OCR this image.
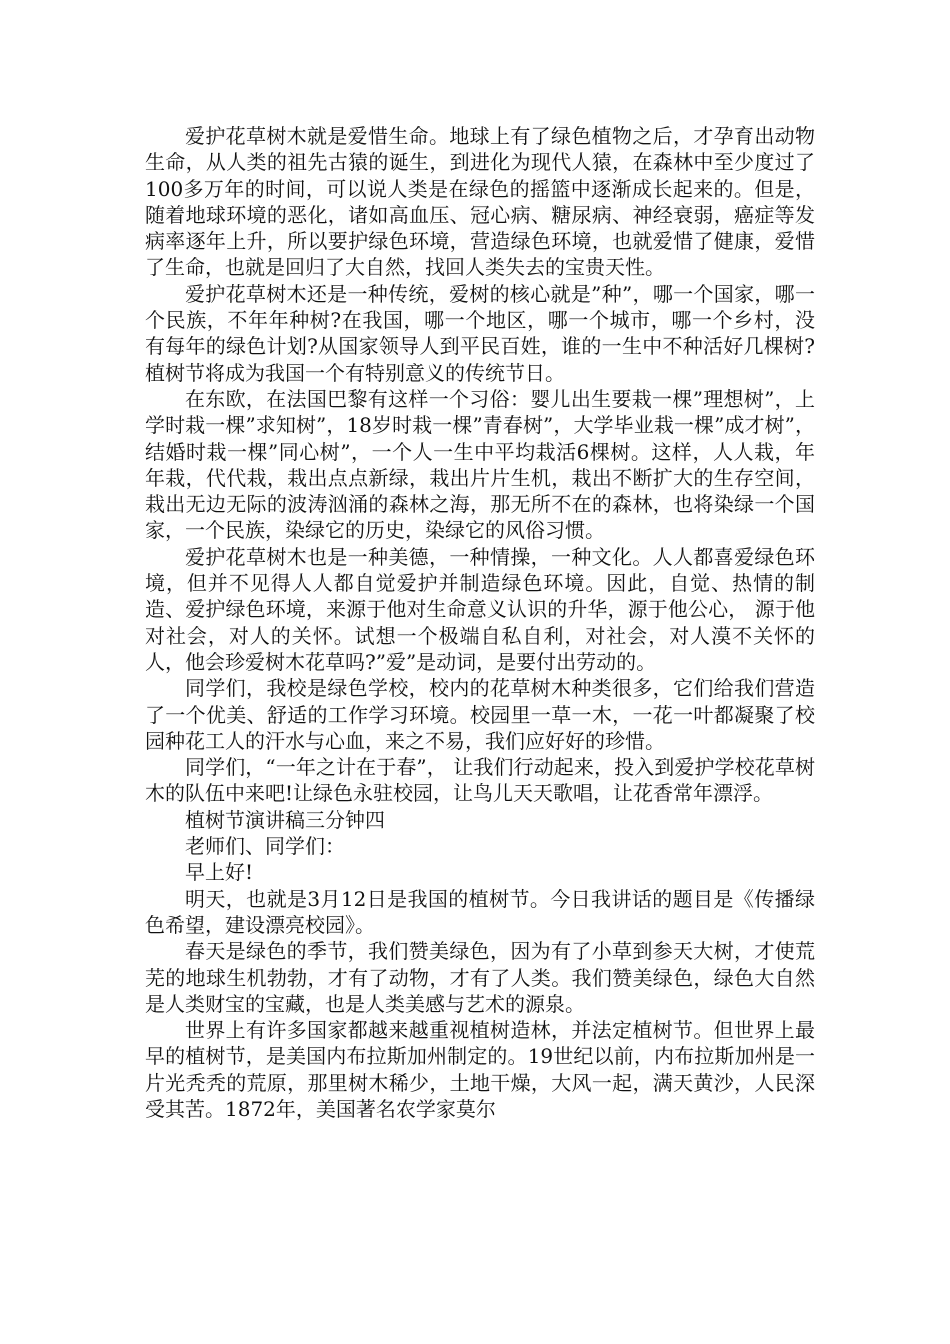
爱护花草树木就是爱惜生命。地球上有了绿色植物之后，才孕育出动物生命，从人类的祖先古猿的诞生，到进化为现代人猿，在森林中至少度过了100多万年的时间，可以说人类是在绿色的摇篮中逐渐成长起来的。但是，随着地球环境的恶化，诸如高血压、冠心病、糖尿病、神经衰弱，癌症等发病率逐年上升，所以要护绿色环境，营造绿色环境，也就爱惜了健康，爱惜了生命，也就是回归了大自然，找回人类失去的宝贵天性。

爱护花草树木还是一种传统，爱树的核心就是”种”，哪一个国家，哪一个民族，不年年种树?在我国，哪一个地区，哪一个城市，哪一个乡村，没有每年的绿色计划?从国家领导人到平民百姓，谁的一生中不种活好几棵树?植树节将成为我国一个有特别意义的传统节日。

在东欧，在法国巴黎有这样一个习俗：婴儿出生要栽一棵”理想树”，上学时栽一棵”求知树”，18岁时栽一棵”青春树”，大学毕业栽一棵”成才树”，结婚时栽一棵”同心树”，一个人一生中平均栽活6棵树。这样，人人栽，年年栽，代代栽，栽出点点新绿，栽出片片生机，栽出不断扩大的生存空间，栽出无边无际的波涛汹涌的森林之海，那无所不在的森林，也将染绿一个国家，一个民族，染绿它的历史，染绿它的风俗习惯。

爱护花草树木也是一种美德，一种情操，一种文化。人人都喜爱绿色环境，但并不见得人人都自觉爱护并制造绿色环境。因此，自觉、热情的制造、爱护绿色环境，来源于他对生命意义认识的升华，源于他公心， 源于他对社会，对人的关怀。试想一个极端自私自利，对社会，对人漠不关怀的人，他会珍爱树木花草吗?”爱”是动词，是要付出劳动的。

同学们，我校是绿色学校，校内的花草树木种类很多，它们给我们营造了一个优美、舒适的工作学习环境。校园里一草一木，一花一叶都凝聚了校园种花工人的汗水与心血，来之不易，我们应好好的珍惜。

同学们，“一年之计在于春”， 让我们行动起来，投入到爱护学校花草树木的队伍中来吧!让绿色永驻校园，让鸟儿天天歌唱，让花香常年漂浮。

植树节演讲稿三分钟四

老师们、同学们：

早上好!

明天，也就是3月12日是我国的植树节。今日我讲话的题目是《传播绿色希望，建设漂亮校园》。

春天是绿色的季节，我们赞美绿色，因为有了小草到参天大树，才使荒芜的地球生机勃勃，才有了动物，才有了人类。我们赞美绿色，绿色大自然是人类财宝的宝藏，也是人类美感与艺术的源泉。

世界上有许多国家都越来越重视植树造林，并法定植树节。但世界上最早的植树节，是美国内布拉斯加州制定的。19世纪以前，内布拉斯加州是一片光秃秃的荒原，那里树木稀少，土地干燥，大风一起，满天黄沙，人民深受其苦。1872年，美国著名农学家莫尔
